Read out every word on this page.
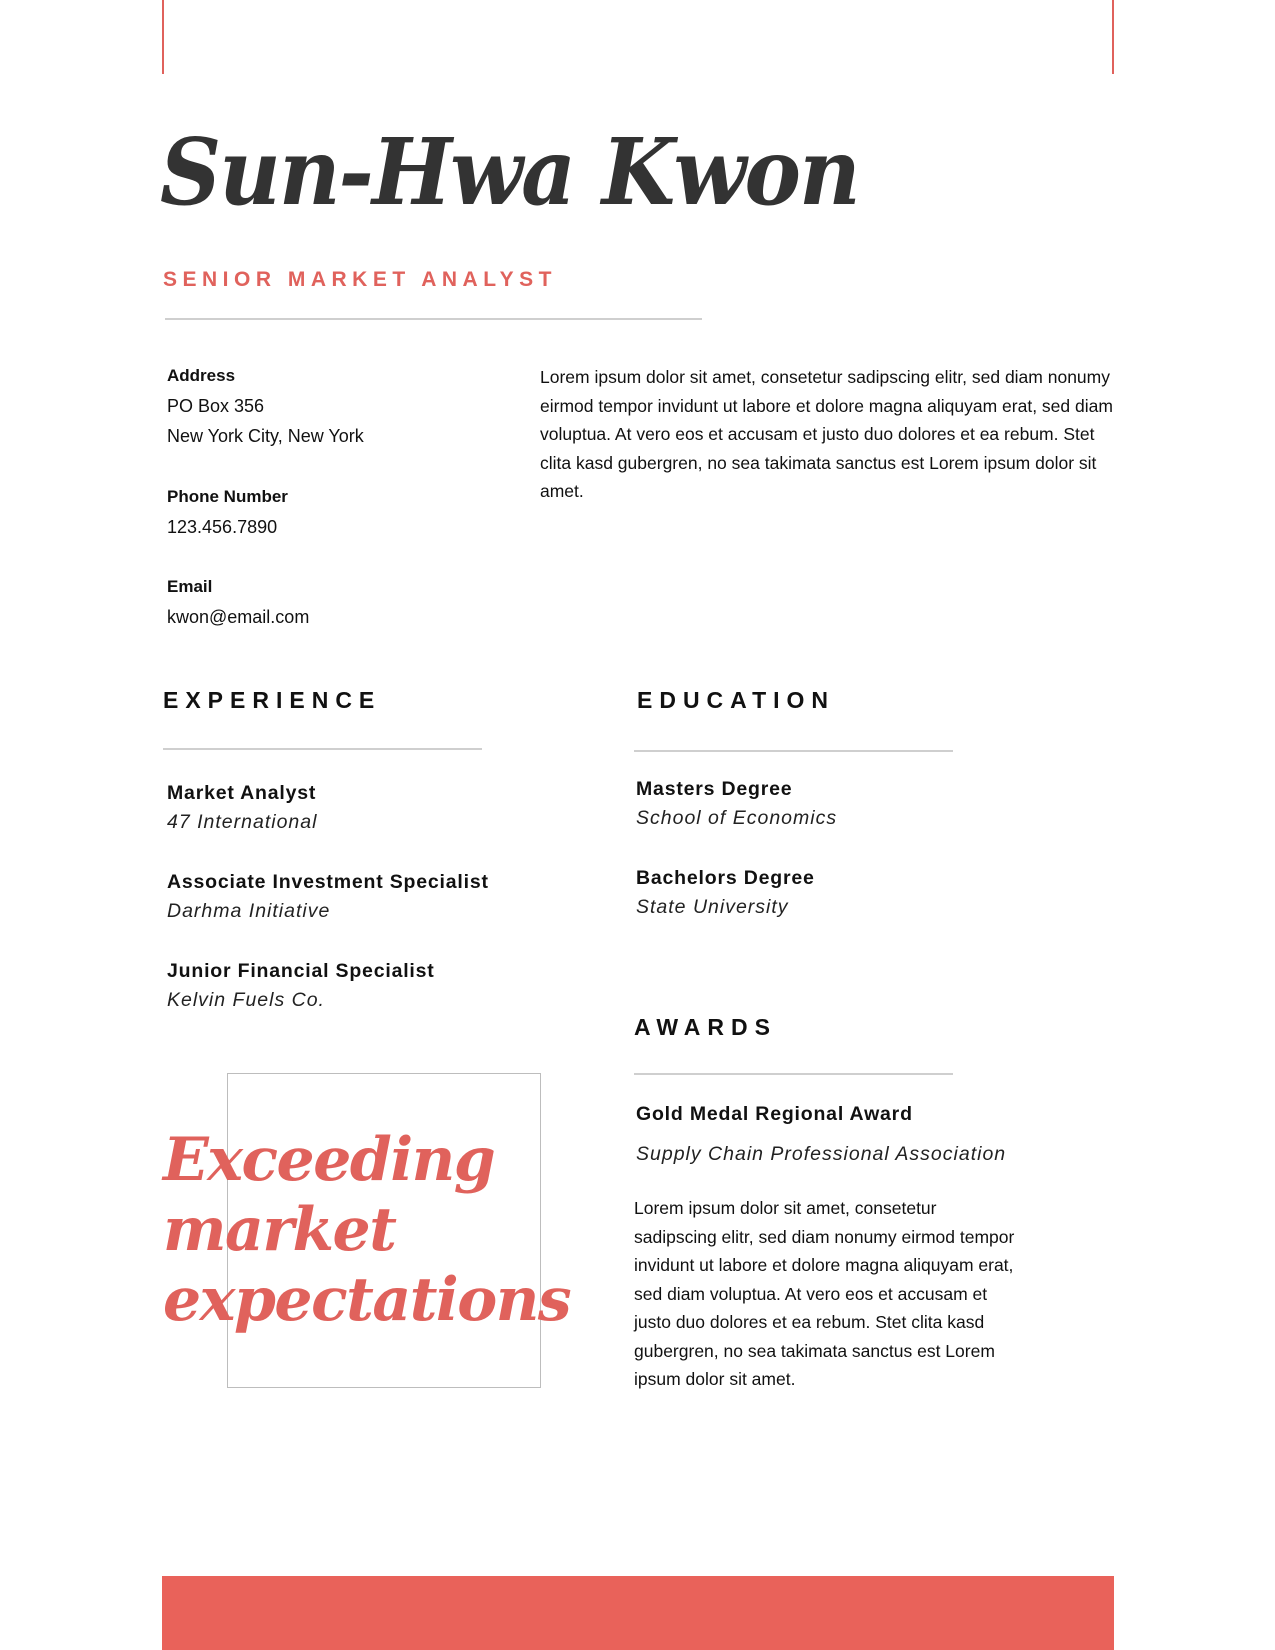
Sun-Hwa Kwon
SENIOR MARKET ANALYST
Address
PO Box 356
New York City, New York
Phone Number
123.456.7890
Email
kwon@email.com
Lorem ipsum dolor sit amet, consetetur sadipscing elitr, sed diam nonumy eirmod tempor invidunt ut labore et dolore magna aliquyam erat, sed diam voluptua. At vero eos et accusam et justo duo dolores et ea rebum. Stet clita kasd gubergren, no sea takimata sanctus est Lorem ipsum dolor sit amet.
EXPERIENCE
Market Analyst
47 International
Associate Investment Specialist
Darhma Initiative
Junior Financial Specialist
Kelvin Fuels Co.
EDUCATION
Masters Degree
School of Economics
Bachelors Degree
State University
AWARDS
Gold Medal Regional Award
Supply Chain Professional Association
Lorem ipsum dolor sit amet, consetetur sadipscing elitr, sed diam nonumy eirmod tempor invidunt ut labore et dolore magna aliquyam erat, sed diam voluptua. At vero eos et accusam et justo duo dolores et ea rebum. Stet clita kasd gubergren, no sea takimata sanctus est Lorem ipsum dolor sit amet.
Exceeding
market
expectations
